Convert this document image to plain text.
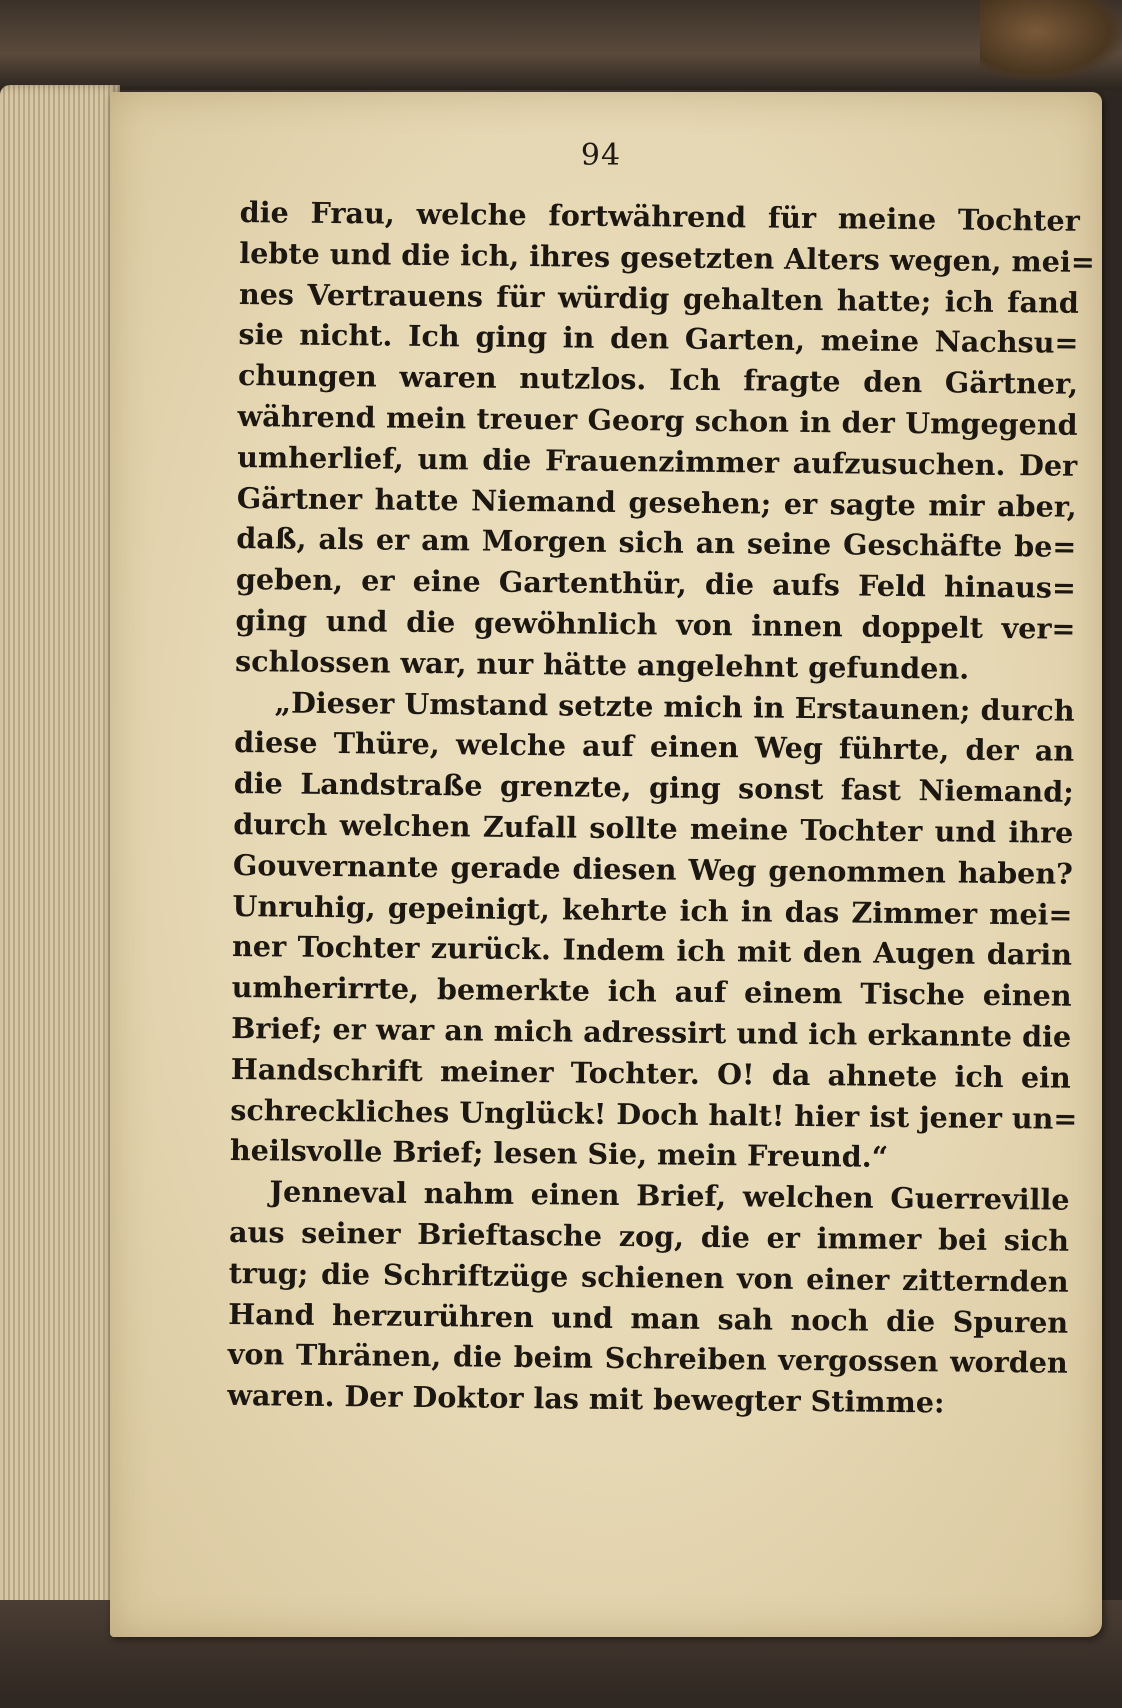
94
die Frau, welche fortwährend für meine Tochter
lebte und die ich, ihres gesetzten Alters wegen, mei=
nes Vertrauens für würdig gehalten hatte; ich fand
sie nicht. Ich ging in den Garten, meine Nachsu=
chungen waren nutzlos. Ich fragte den Gärtner,
während mein treuer Georg schon in der Umgegend
umherlief, um die Frauenzimmer aufzusuchen. Der
Gärtner hatte Niemand gesehen; er sagte mir aber,
daß, als er am Morgen sich an seine Geschäfte be=
geben, er eine Gartenthür, die aufs Feld hinaus=
ging und die gewöhnlich von innen doppelt ver=
schlossen war, nur hätte angelehnt gefunden.
„Dieser Umstand setzte mich in Erstaunen; durch
diese Thüre, welche auf einen Weg führte, der an
die Landstraße grenzte, ging sonst fast Niemand;
durch welchen Zufall sollte meine Tochter und ihre
Gouvernante gerade diesen Weg genommen haben?
Unruhig, gepeinigt, kehrte ich in das Zimmer mei=
ner Tochter zurück. Indem ich mit den Augen darin
umherirrte, bemerkte ich auf einem Tische einen
Brief; er war an mich adressirt und ich erkannte die
Handschrift meiner Tochter. O! da ahnete ich ein
schreckliches Unglück! Doch halt! hier ist jener un=
heilsvolle Brief; lesen Sie, mein Freund.“
Jenneval nahm einen Brief, welchen Guerreville
aus seiner Brieftasche zog, die er immer bei sich
trug; die Schriftzüge schienen von einer zitternden
Hand herzurühren und man sah noch die Spuren
von Thränen, die beim Schreiben vergossen worden
waren. Der Doktor las mit bewegter Stimme:
